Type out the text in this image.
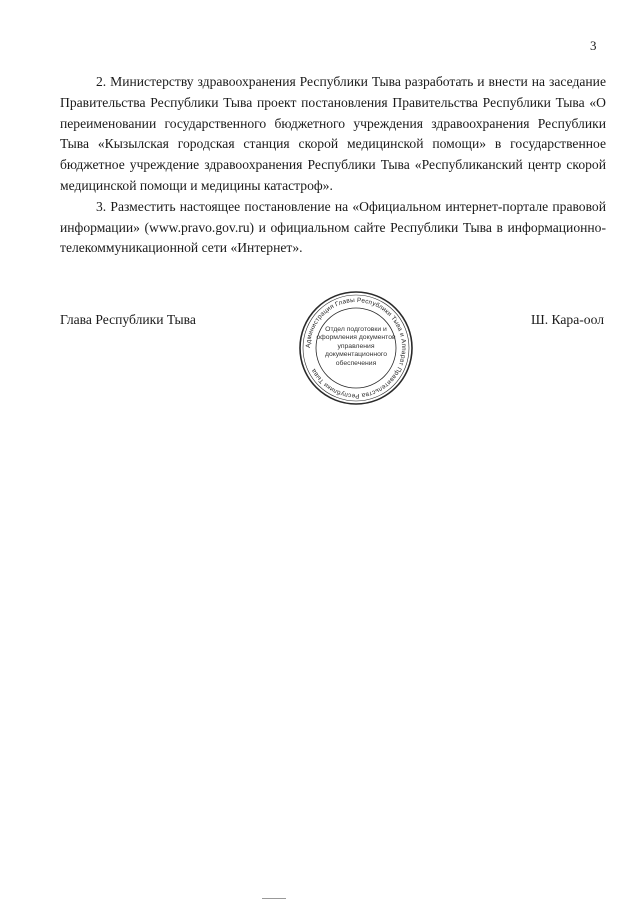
3

2. Министерству здравоохранения Республики Тыва разработать и внести на заседание Правительства Республики Тыва проект постановления Правительства Республики Тыва «О переименовании государственного бюджетного учреждения здравоохранения Республики Тыва «Кызылская городская станция скорой медицинской помощи» в государственное бюджетное учреждение здравоохранения Республики Тыва «Республиканский центр скорой медицинской помощи и медицины катастроф».

3. Разместить настоящее постановление на «Официальном интернет-портале правовой информации» (www.pravo.gov.ru) и официальном сайте Республики Тыва в информационно-телекоммуникационной сети «Интернет».

Глава Республики Тыва	Ш. Кара-оол
Администрация Главы Республики Тыва и Аппарат Правительства Республики Тыва
Отдел подготовки и оформления документов управления документационного обеспечения
